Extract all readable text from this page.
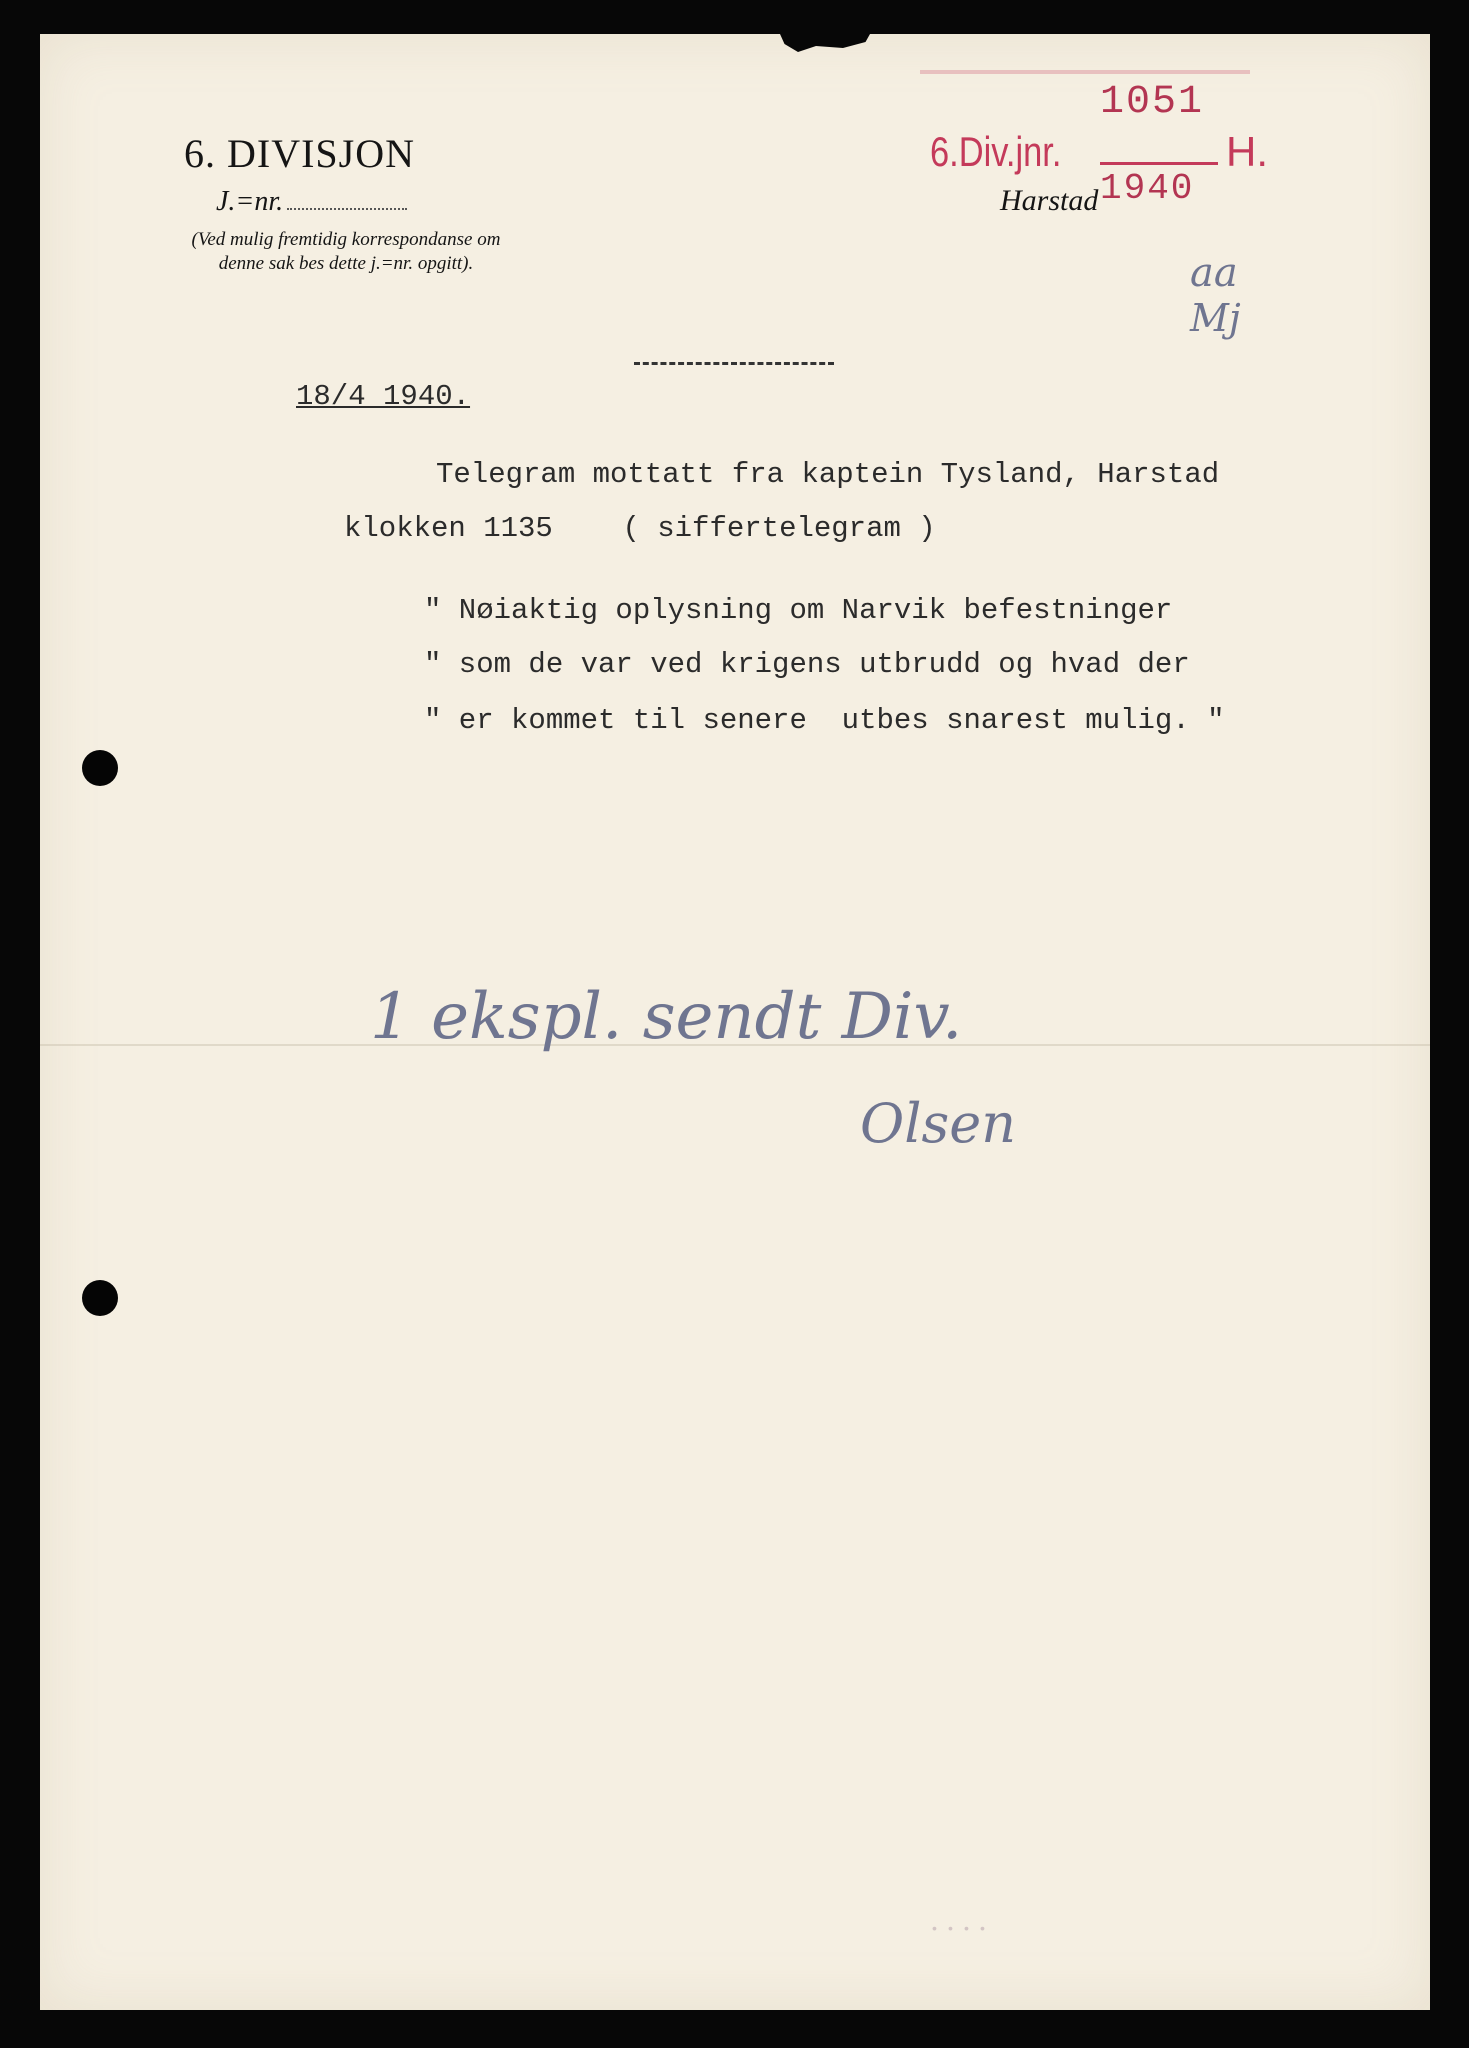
6. DIVISJON
J.=nr.
(Ved mulig fremtidig korrespondanse om
denne sak bes dette j.=nr. opgitt).
Harstad
6.Div.jnr.
1051
1940
H.
aa
Mj
18/4 1940.
Telegram mottatt fra kaptein Tysland, Harstad
klokken 1135    ( siffertelegram )
" Nøiaktig oplysning om Narvik befestninger
" som de var ved krigens utbrudd og hvad der
" er kommet til senere  utbes snarest mulig. "
1 ekspl. sendt Div.
Olsen
· · · ·
